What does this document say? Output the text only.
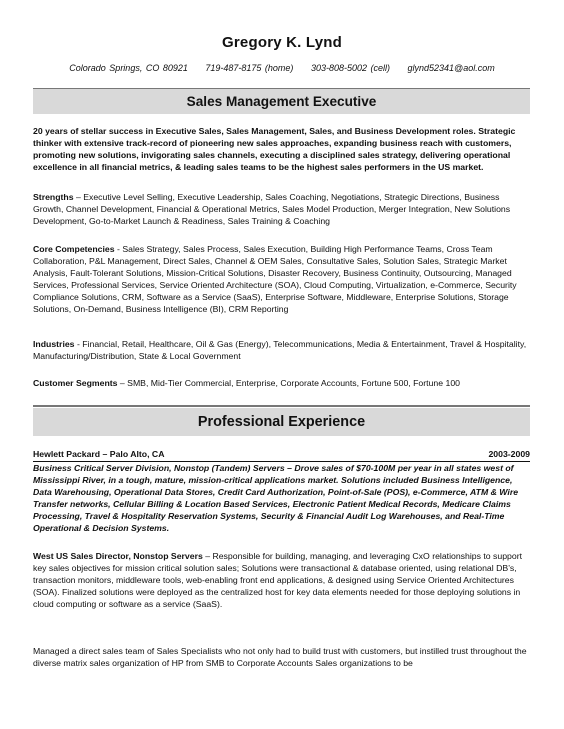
Gregory K. Lynd
Colorado Springs, CO 80921 719-487-8175 (home) 303-808-5002 (cell) glynd52341@aol.com
Sales Management Executive
20 years of stellar success in Executive Sales, Sales Management, Sales, and Business Development roles. Strategic thinker with extensive track-record of pioneering new sales approaches, expanding business reach with customers, promoting new solutions, invigorating sales channels, executing a disciplined sales strategy, delivering operational excellence in all financial metrics, & leading sales teams to be the highest sales performers in the US market.
Strengths – Executive Level Selling, Executive Leadership, Sales Coaching, Negotiations, Strategic Directions, Business Growth, Channel Development, Financial & Operational Metrics, Sales Model Production, Merger Integration, New Solutions Development, Go-to-Market Launch & Readiness, Sales Training & Coaching
Core Competencies - Sales Strategy, Sales Process, Sales Execution, Building High Performance Teams, Cross Team Collaboration, P&L Management, Direct Sales, Channel & OEM Sales, Consultative Sales, Solution Sales, Strategic Market Analysis, Fault-Tolerant Solutions, Mission-Critical Solutions, Disaster Recovery, Business Continuity, Outsourcing, Managed Services, Professional Services, Service Oriented Architecture (SOA), Cloud Computing, Virtualization, e-Commerce, Security Compliance Solutions, CRM, Software as a Service (SaaS), Enterprise Software, Middleware, Enterprise Solutions, Storage Solutions, On-Demand, Business Intelligence (BI), CRM Reporting
Industries - Financial, Retail, Healthcare, Oil & Gas (Energy), Telecommunications, Media & Entertainment, Travel & Hospitality, Manufacturing/Distribution, State & Local Government
Customer Segments – SMB, Mid-Tier Commercial, Enterprise, Corporate Accounts, Fortune 500, Fortune 100
Professional Experience
Hewlett Packard – Palo Alto, CA	2003-2009
Business Critical Server Division, Nonstop (Tandem) Servers – Drove sales of $70-100M per year in all states west of Mississippi River, in a tough, mature, mission-critical applications market. Solutions included Business Intelligence, Data Warehousing, Operational Data Stores, Credit Card Authorization, Point-of-Sale (POS), e-Commerce, ATM & Wire Transfer networks, Cellular Billing & Location Based Services, Electronic Patient Medical Records, Medicare Claims Processing, Travel & Hospitality Reservation Systems, Security & Financial Audit Log Warehouses, and Real-Time Operational & Decision Systems.
West US Sales Director, Nonstop Servers – Responsible for building, managing, and leveraging CxO relationships to support key sales objectives for mission critical solution sales; Solutions were transactional & database oriented, using relational DB’s, transaction monitors, middleware tools, web-enabling front end applications, & designed using Service Oriented Architectures (SOA). Finalized solutions were deployed as the centralized host for key data elements needed for those deploying solutions in cloud computing or software as a service (SaaS).
Managed a direct sales team of Sales Specialists who not only had to build trust with customers, but instilled trust throughout the diverse matrix sales organization of HP from SMB to Corporate Accounts Sales organizations to be
